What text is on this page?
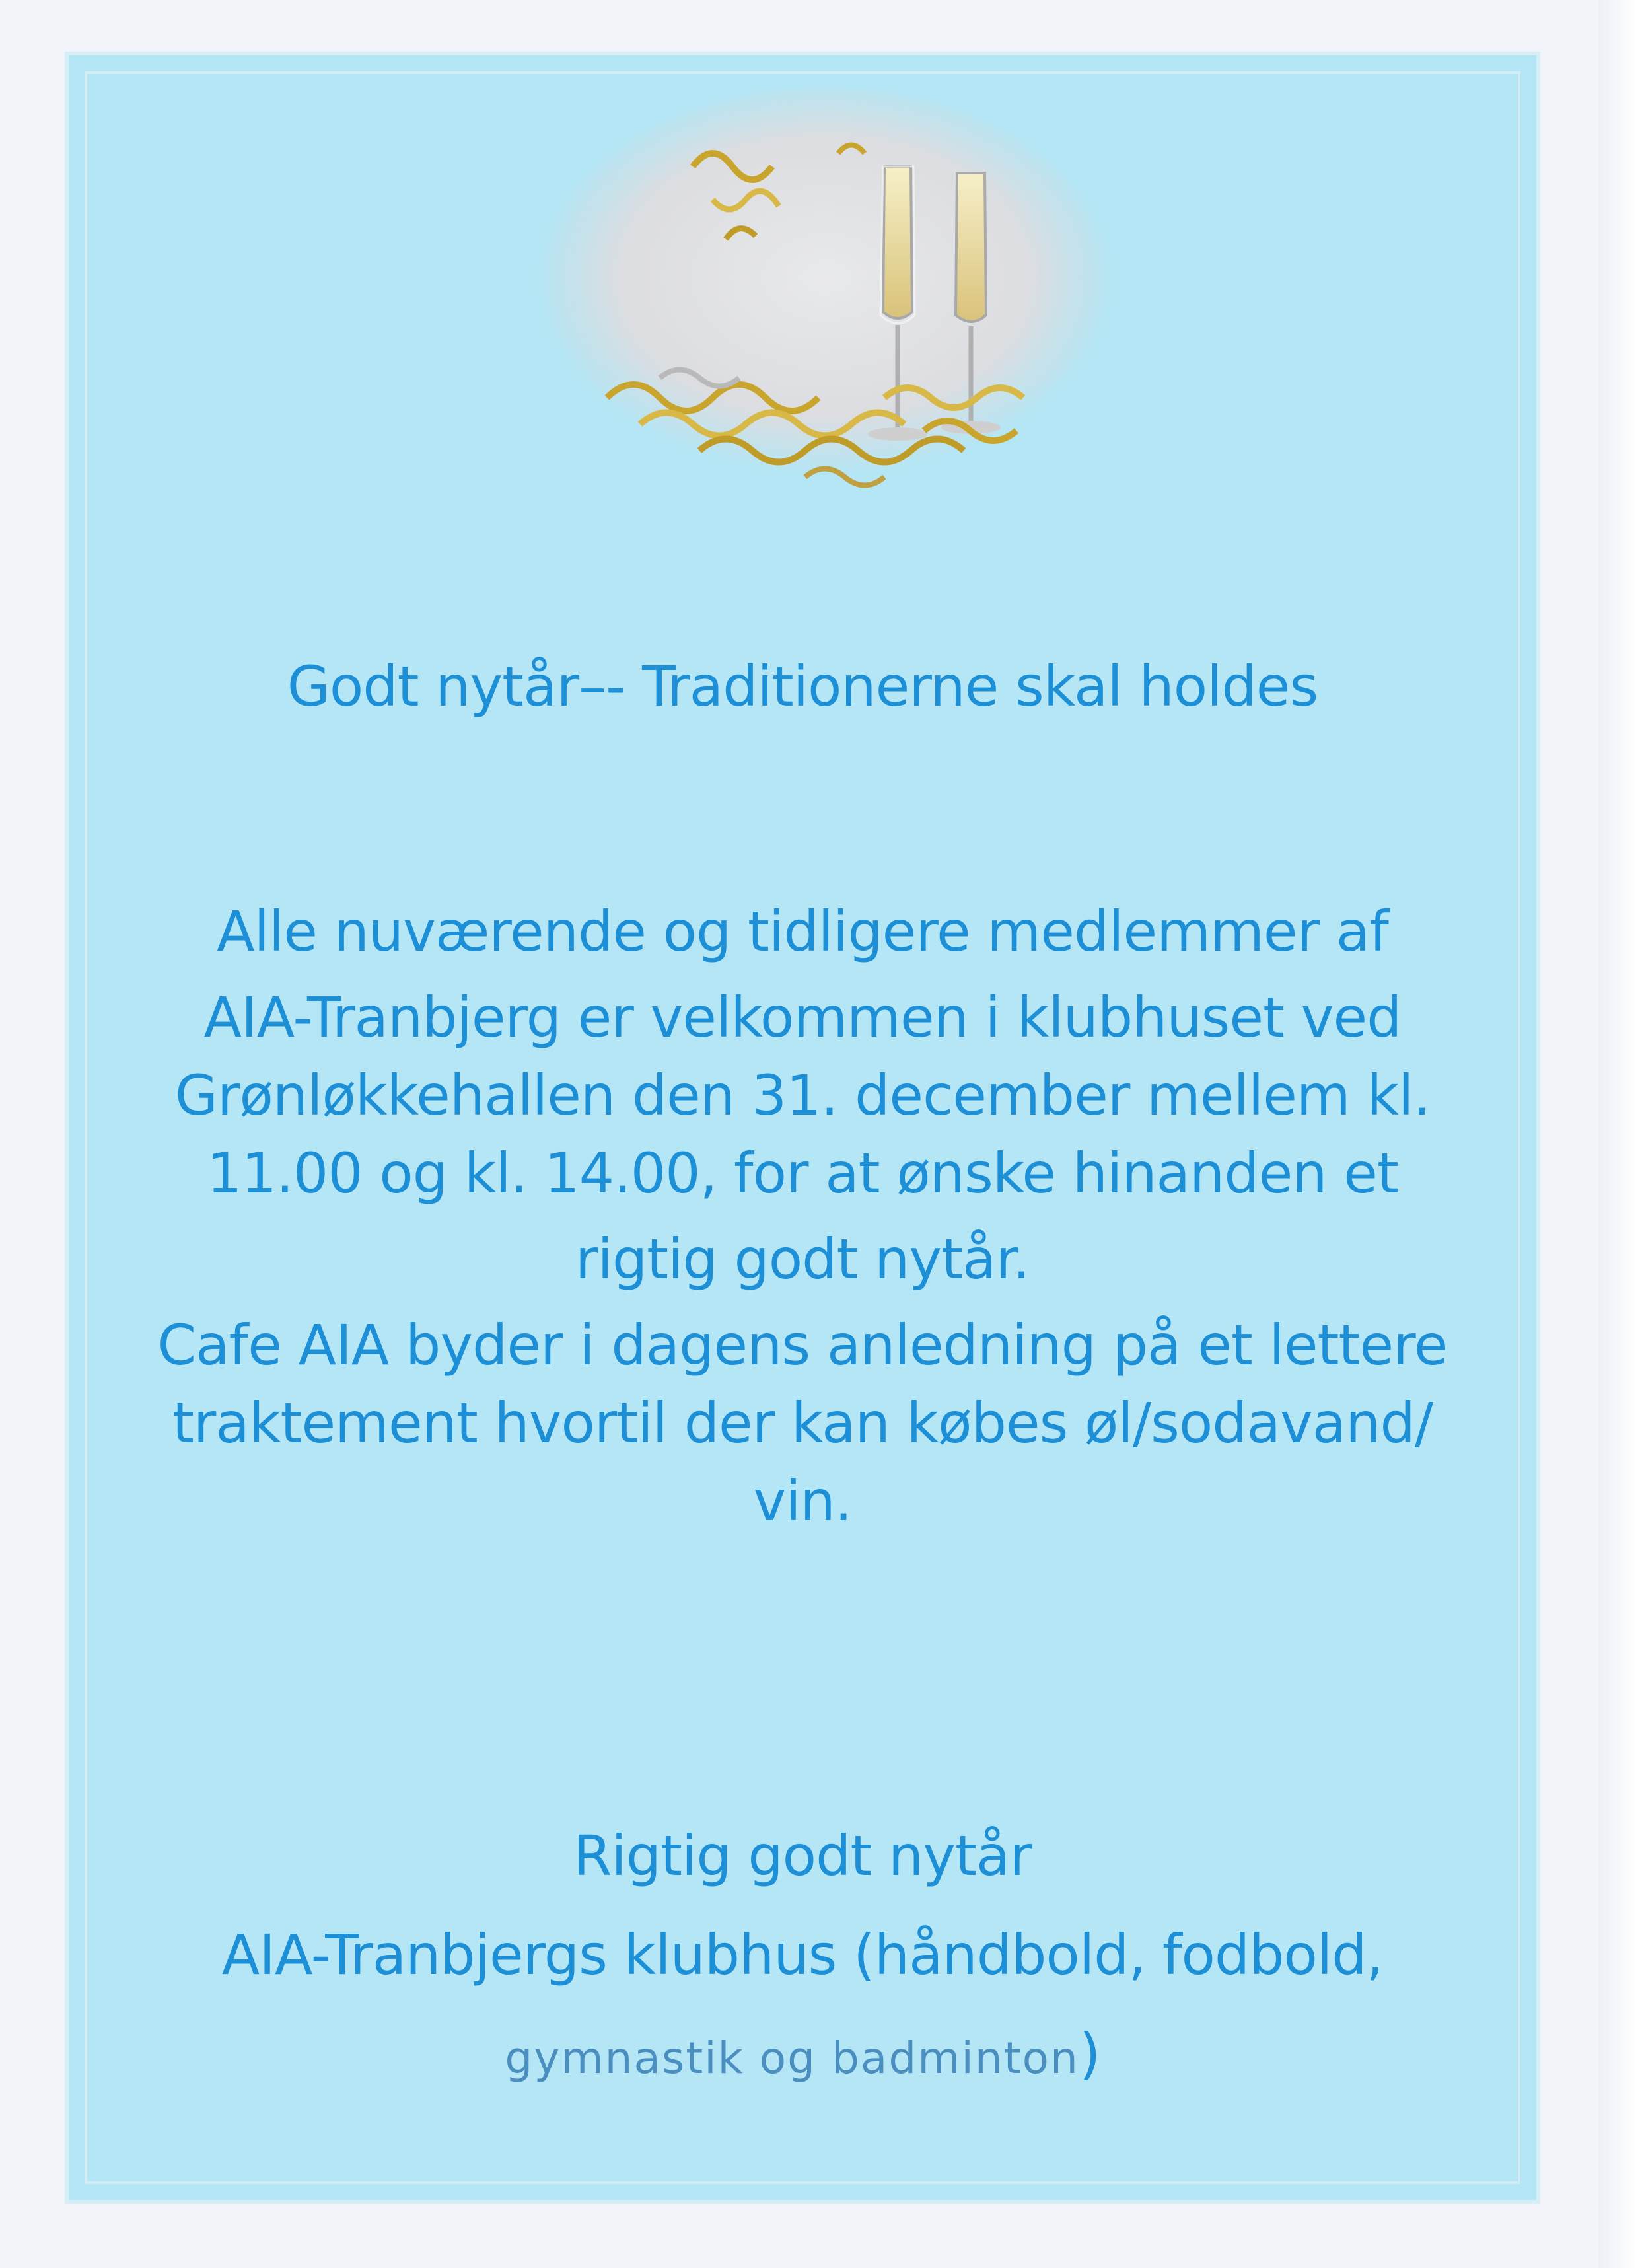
Godt nytår–- Traditionerne skal holdes
Alle nuværende og tidligere medlemmer af
AIA-Tranbjerg er velkommen i klubhuset ved
Grønløkkehallen den 31. december mellem kl.
11.00 og kl. 14.00, for at ønske hinanden et
rigtig godt nytår.
Cafe AIA byder i dagens anledning på et lettere
traktement hvortil der kan købes øl/sodavand/
vin.
Rigtig godt nytår
AIA-Tranbjergs klubhus (håndbold, fodbold,
gymnastik og badminton)
